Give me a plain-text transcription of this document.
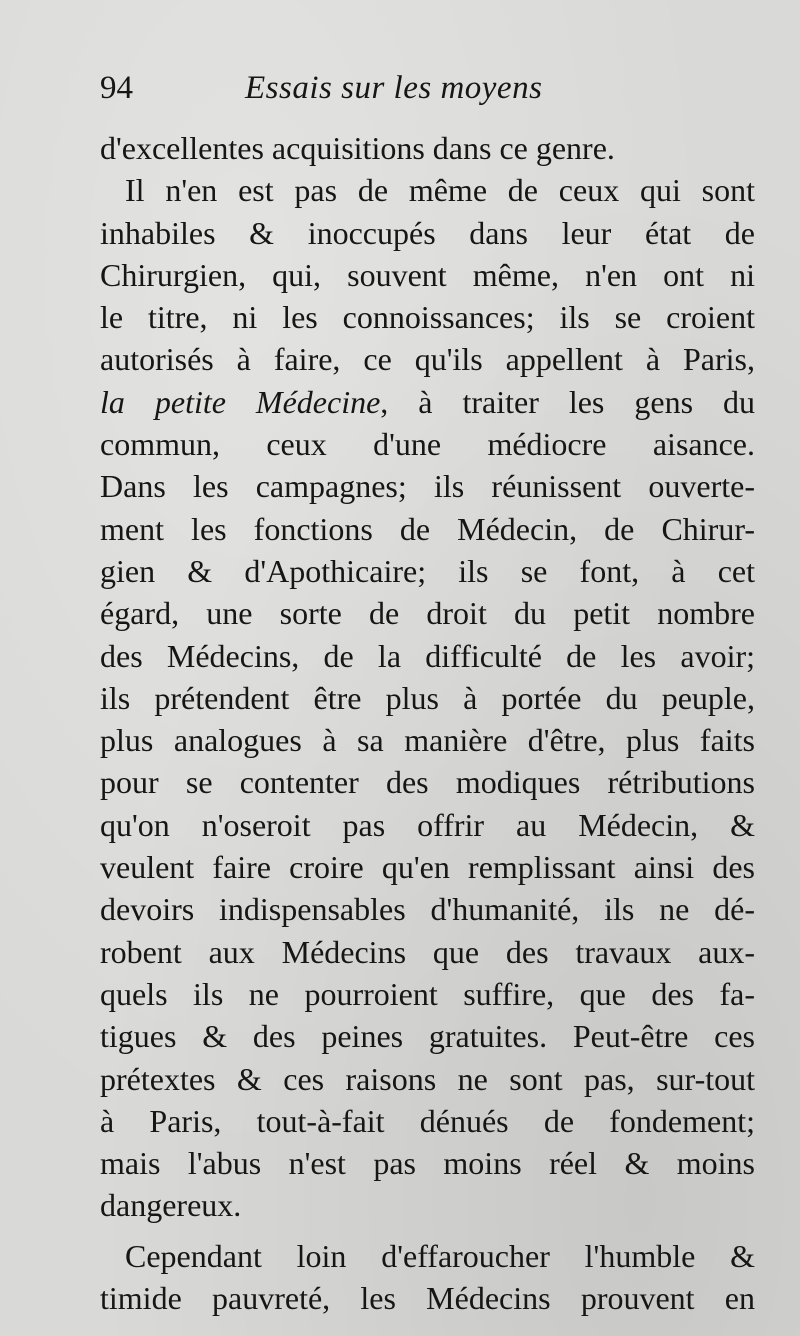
94	Essais sur les moyens
d'excellentes acquisitions dans ce genre.
Il n'en est pas de même de ceux qui sont
inhabiles & inoccupés dans leur état de
Chirurgien, qui, souvent même, n'en ont ni
le titre, ni les connoissances; ils se croient
autorisés à faire, ce qu'ils appellent à Paris,
la petite Médecine, à traiter les gens du
commun, ceux d'une médiocre aisance.
Dans les campagnes; ils réunissent ouverte-
ment les fonctions de Médecin, de Chirur-
gien & d'Apothicaire; ils se font, à cet
égard, une sorte de droit du petit nombre
des Médecins, de la difficulté de les avoir;
ils prétendent être plus à portée du peuple,
plus analogues à sa manière d'être, plus faits
pour se contenter des modiques rétributions
qu'on n'oseroit pas offrir au Médecin, &
veulent faire croire qu'en remplissant ainsi des
devoirs indispensables d'humanité, ils ne dé-
robent aux Médecins que des travaux aux-
quels ils ne pourroient suffire, que des fa-
tigues & des peines gratuites. Peut-être ces
prétextes & ces raisons ne sont pas, sur-tout
à Paris, tout-à-fait dénués de fondement;
mais l'abus n'est pas moins réel & moins
dangereux.
Cependant loin d'effaroucher l'humble &
timide pauvreté, les Médecins prouvent en
